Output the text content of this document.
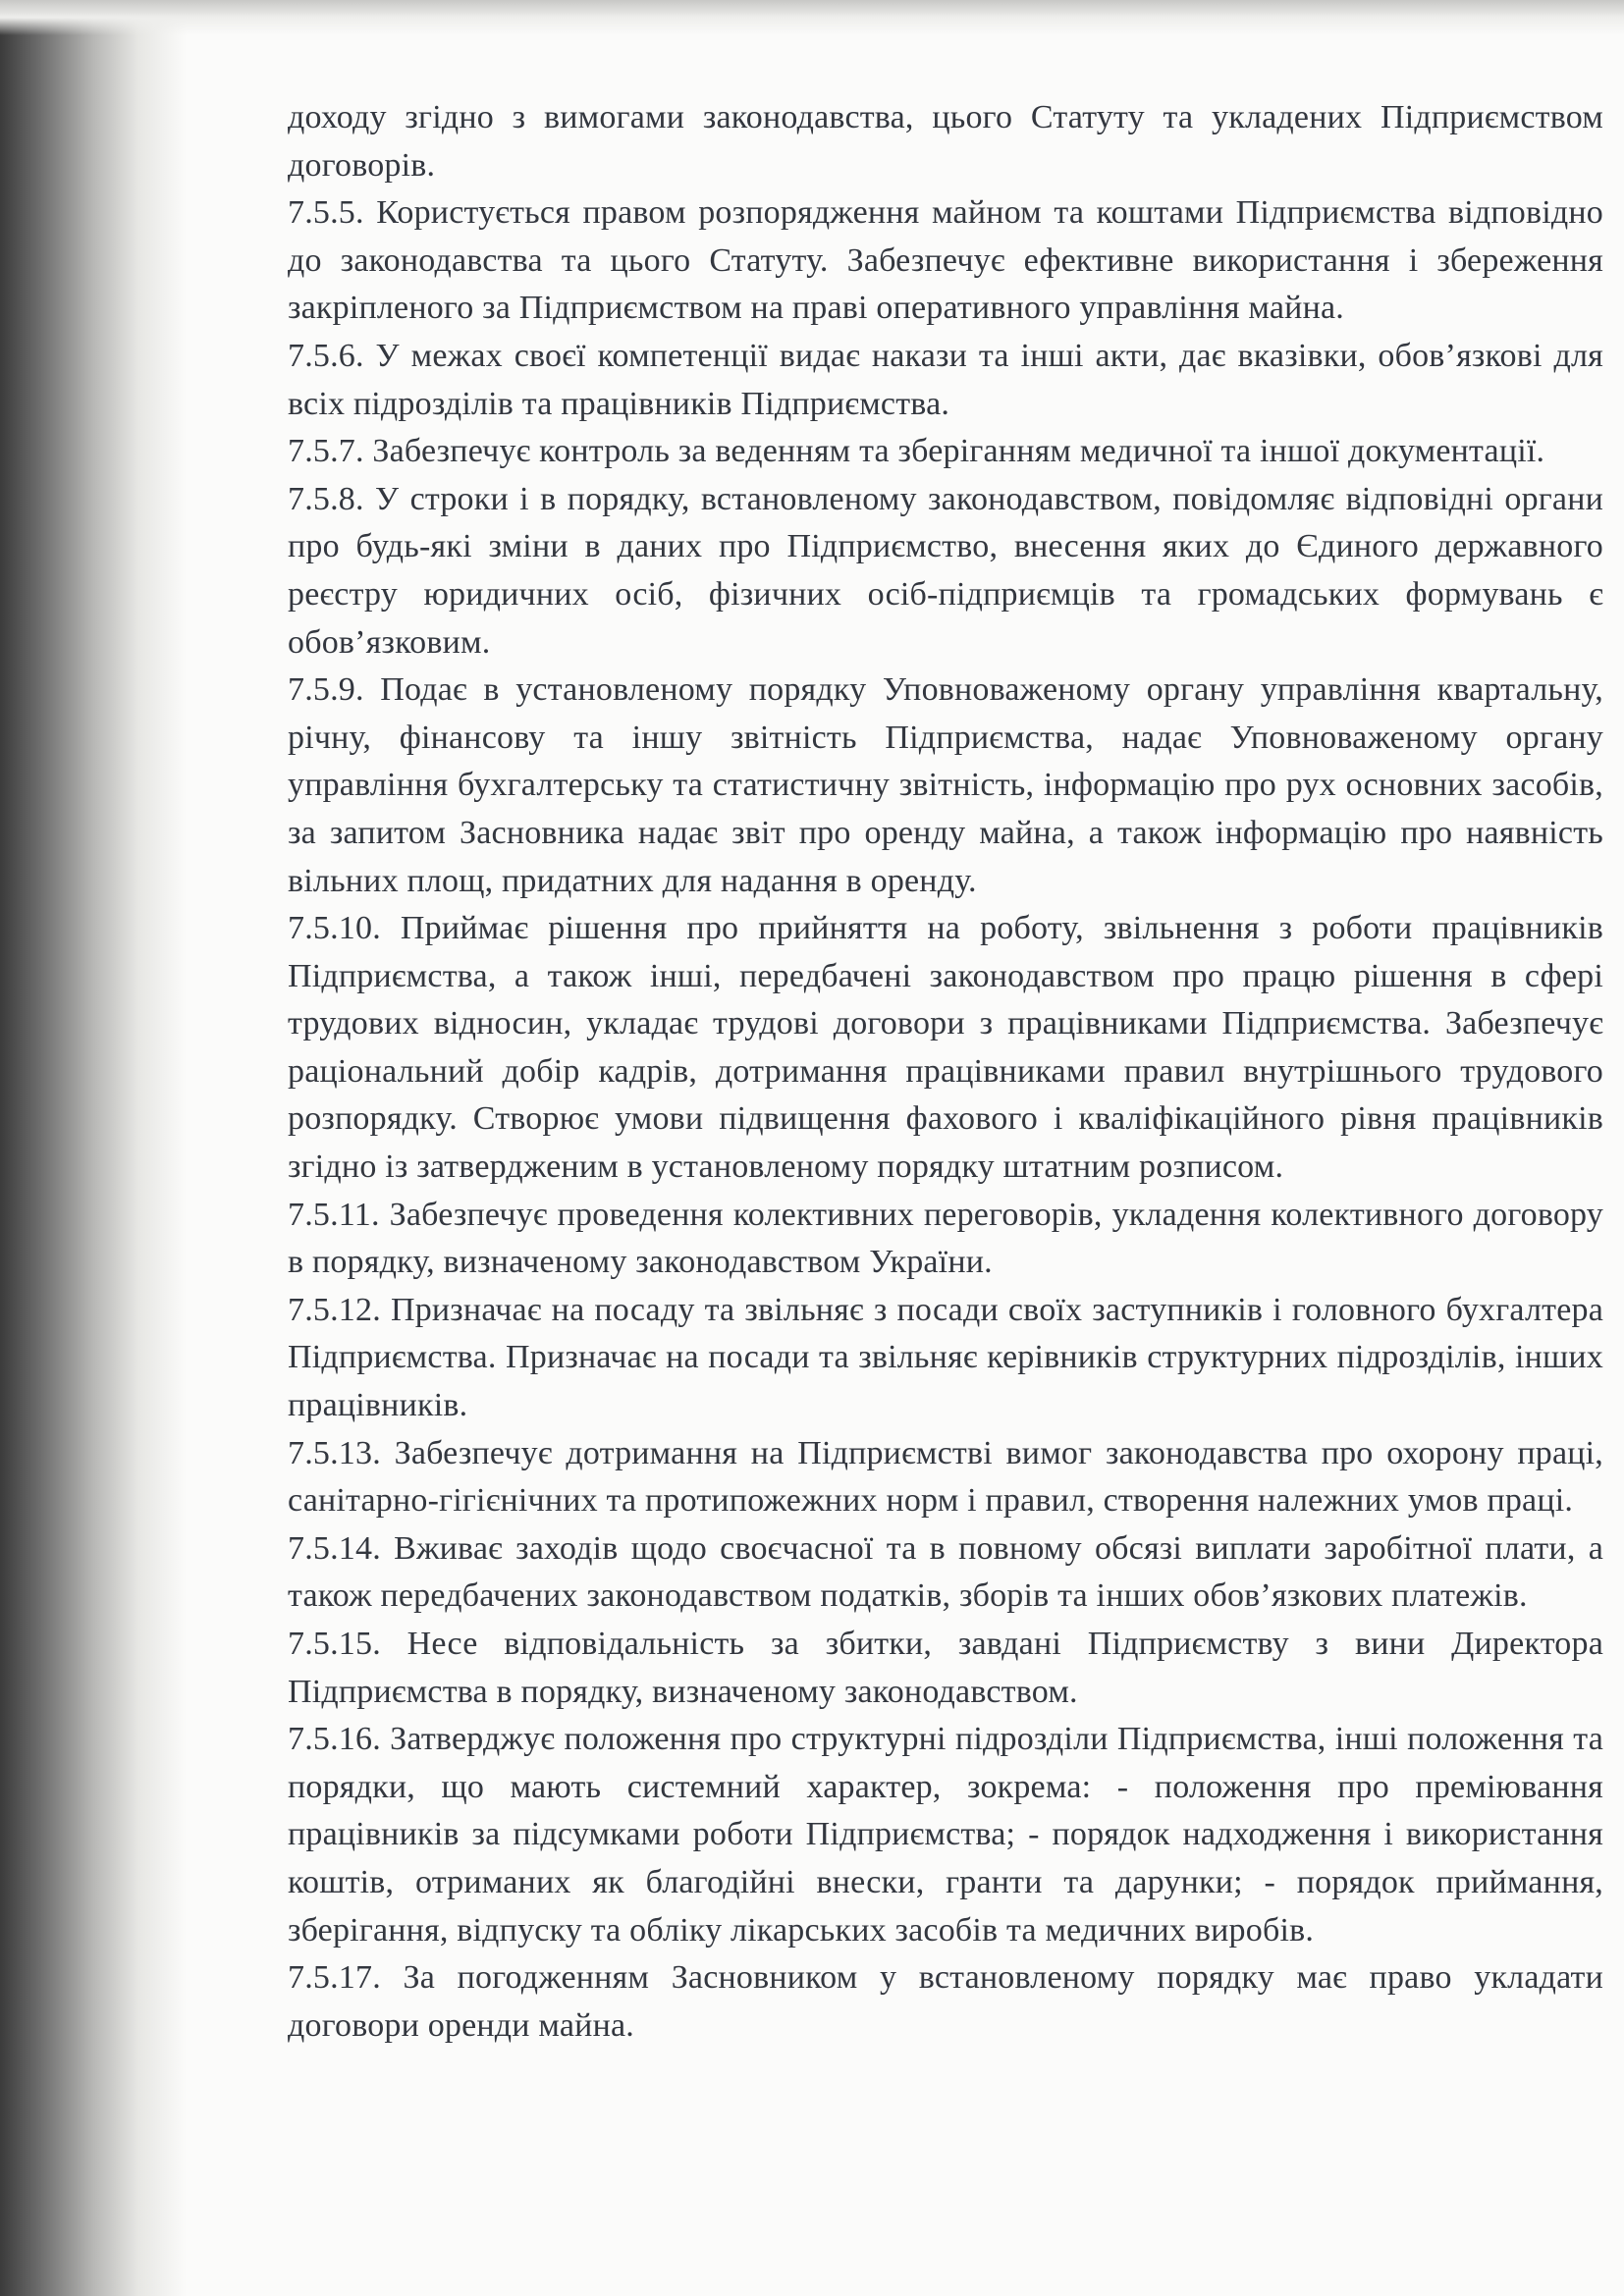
доходу згідно з вимогами законодавства, цього Статуту та укладених Підприємством договорів.

7.5.5. Користується правом розпорядження майном та коштами Підприємства відповідно до законодавства та цього Статуту. Забезпечує ефективне використання і збереження закріпленого за Підприємством на праві оперативного управління майна.

7.5.6. У межах своєї компетенції видає накази та інші акти, дає вказівки, обов’язкові для всіх підрозділів та працівників Підприємства.

7.5.7. Забезпечує контроль за веденням та зберіганням медичної та іншої документації.

7.5.8. У строки і в порядку, встановленому законодавством, повідомляє відповідні органи про будь-які зміни в даних про Підприємство, внесення яких до Єдиного державного реєстру юридичних осіб, фізичних осіб-підприємців та громадських формувань є обов’язковим.

7.5.9. Подає в установленому порядку Уповноваженому органу управління квартальну, річну, фінансову та іншу звітність Підприємства, надає Уповноваженому органу управління бухгалтерську та статистичну звітність, інформацію про рух основних засобів, за запитом Засновника надає звіт про оренду майна, а також інформацію про наявність вільних площ, придатних для надання в оренду.

7.5.10. Приймає рішення про прийняття на роботу, звільнення з роботи працівників Підприємства, а також інші, передбачені законодавством про працю рішення в сфері трудових відносин, укладає трудові договори з працівниками Підприємства. Забезпечує раціональний добір кадрів, дотримання працівниками правил внутрішнього трудового розпорядку. Створює умови підвищення фахового і кваліфікаційного рівня працівників згідно із затвердженим в установленому порядку штатним розписом.

7.5.11. Забезпечує проведення колективних переговорів, укладення колективного договору в порядку, визначеному законодавством України.

7.5.12. Призначає на посаду та звільняє з посади своїх заступників і головного бухгалтера Підприємства. Призначає на посади та звільняє керівників структурних підрозділів, інших працівників.

7.5.13. Забезпечує дотримання на Підприємстві вимог законодавства про охорону праці, санітарно-гігієнічних та протипожежних норм і правил, створення належних умов праці.

7.5.14. Вживає заходів щодо своєчасної та в повному обсязі виплати заробітної плати, а також передбачених законодавством податків, зборів та інших обов’язкових платежів.

7.5.15. Несе відповідальність за збитки, завдані Підприємству з вини Директора Підприємства в порядку, визначеному законодавством.

7.5.16. Затверджує положення про структурні підрозділи Підприємства, інші положення та порядки, що мають системний характер, зокрема: - положення про преміювання працівників за підсумками роботи Підприємства; - порядок надходження і використання коштів, отриманих як благодійні внески, гранти та дарунки; - порядок приймання, зберігання, відпуску та обліку лікарських засобів та медичних виробів.

7.5.17. За погодженням Засновником у встановленому порядку має право укладати договори оренди майна.
